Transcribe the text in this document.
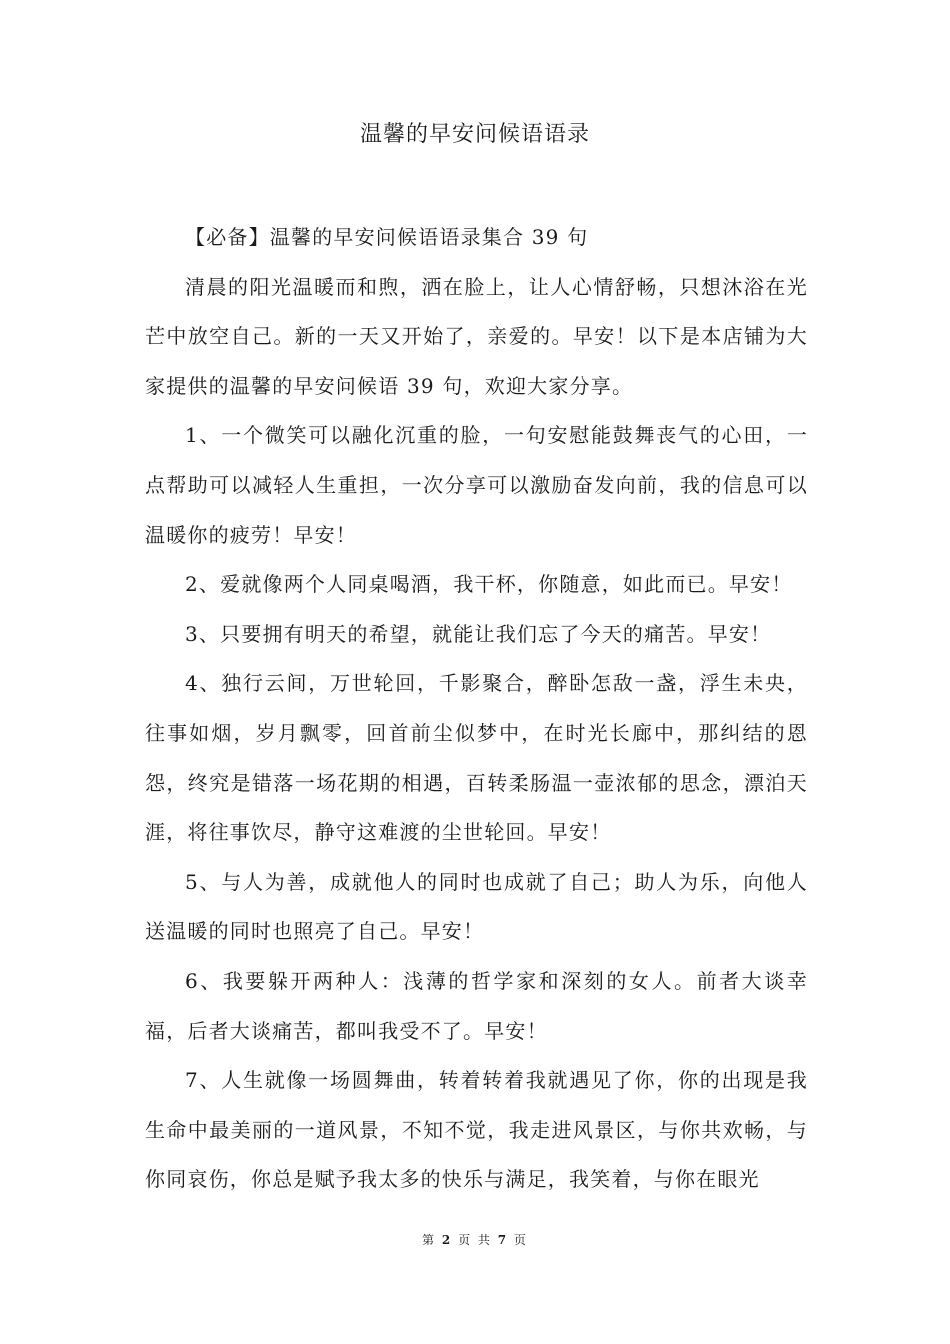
温馨的早安问候语语录

【必备】温馨的早安问候语语录集合 39 句

清晨的阳光温暖而和煦，洒在脸上，让人心情舒畅，只想沐浴在光芒中放空自己。新的一天又开始了，亲爱的。早安！以下是本店铺为大家提供的温馨的早安问候语 39 句，欢迎大家分享。

1、一个微笑可以融化沉重的脸，一句安慰能鼓舞丧气的心田，一点帮助可以减轻人生重担，一次分享可以激励奋发向前，我的信息可以温暖你的疲劳！早安！

2、爱就像两个人同桌喝酒，我干杯，你随意，如此而已。早安！

3、只要拥有明天的希望，就能让我们忘了今天的痛苦。早安！

4、独行云间，万世轮回，千影聚合，醉卧怎敌一盏，浮生未央，往事如烟，岁月飘零，回首前尘似梦中，在时光长廊中，那纠结的恩怨，终究是错落一场花期的相遇，百转柔肠温一壶浓郁的思念，漂泊天涯，将往事饮尽，静守这难渡的尘世轮回。早安！

5、与人为善，成就他人的同时也成就了自己；助人为乐，向他人送温暖的同时也照亮了自己。早安！

6、我要躲开两种人：浅薄的哲学家和深刻的女人。前者大谈幸福，后者大谈痛苦，都叫我受不了。早安！

7、人生就像一场圆舞曲，转着转着我就遇见了你，你的出现是我生命中最美丽的一道风景，不知不觉，我走进风景区，与你共欢畅，与你同哀伤，你总是赋予我太多的快乐与满足，我笑着，与你在眼光

第 2 页 共 7 页
